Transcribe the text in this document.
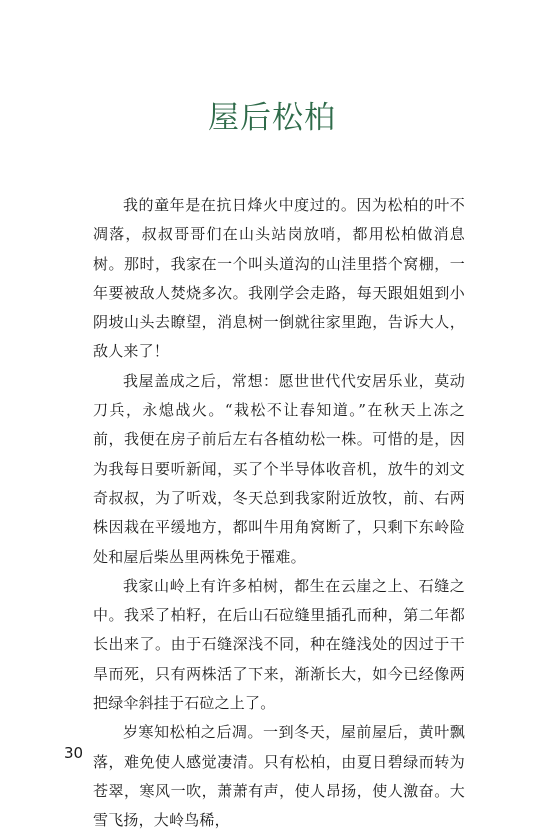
屋后松柏

我的童年是在抗日烽火中度过的。因为松柏的叶不凋落，叔叔哥哥们在山头站岗放哨，都用松柏做消息树。那时，我家在一个叫头道沟的山洼里搭个窝棚，一年要被敌人焚烧多次。我刚学会走路，每天跟姐姐到小阴坡山头去瞭望，消息树一倒就往家里跑，告诉大人，敌人来了！

我屋盖成之后，常想：愿世世代代安居乐业，莫动刀兵，永熄战火。“栽松不让春知道。”在秋天上冻之前，我便在房子前后左右各植幼松一株。可惜的是，因为我每日要听新闻，买了个半导体收音机，放牛的刘文奇叔叔，为了听戏，冬天总到我家附近放牧，前、右两株因栽在平缓地方，都叫牛用角窝断了，只剩下东岭险处和屋后柴丛里两株免于罹难。

我家山岭上有许多柏树，都生在云崖之上、石缝之中。我采了柏籽，在后山石砬缝里插孔而种，第二年都长出来了。由于石缝深浅不同，种在缝浅处的因过于干旱而死，只有两株活了下来，渐渐长大，如今已经像两把绿伞斜挂于石砬之上了。

岁寒知松柏之后凋。一到冬天，屋前屋后，黄叶飘落，难免使人感觉凄清。只有松柏，由夏日碧绿而转为苍翠，寒风一吹，萧萧有声，使人昂扬，使人激奋。大雪飞扬，大岭鸟稀，

30
